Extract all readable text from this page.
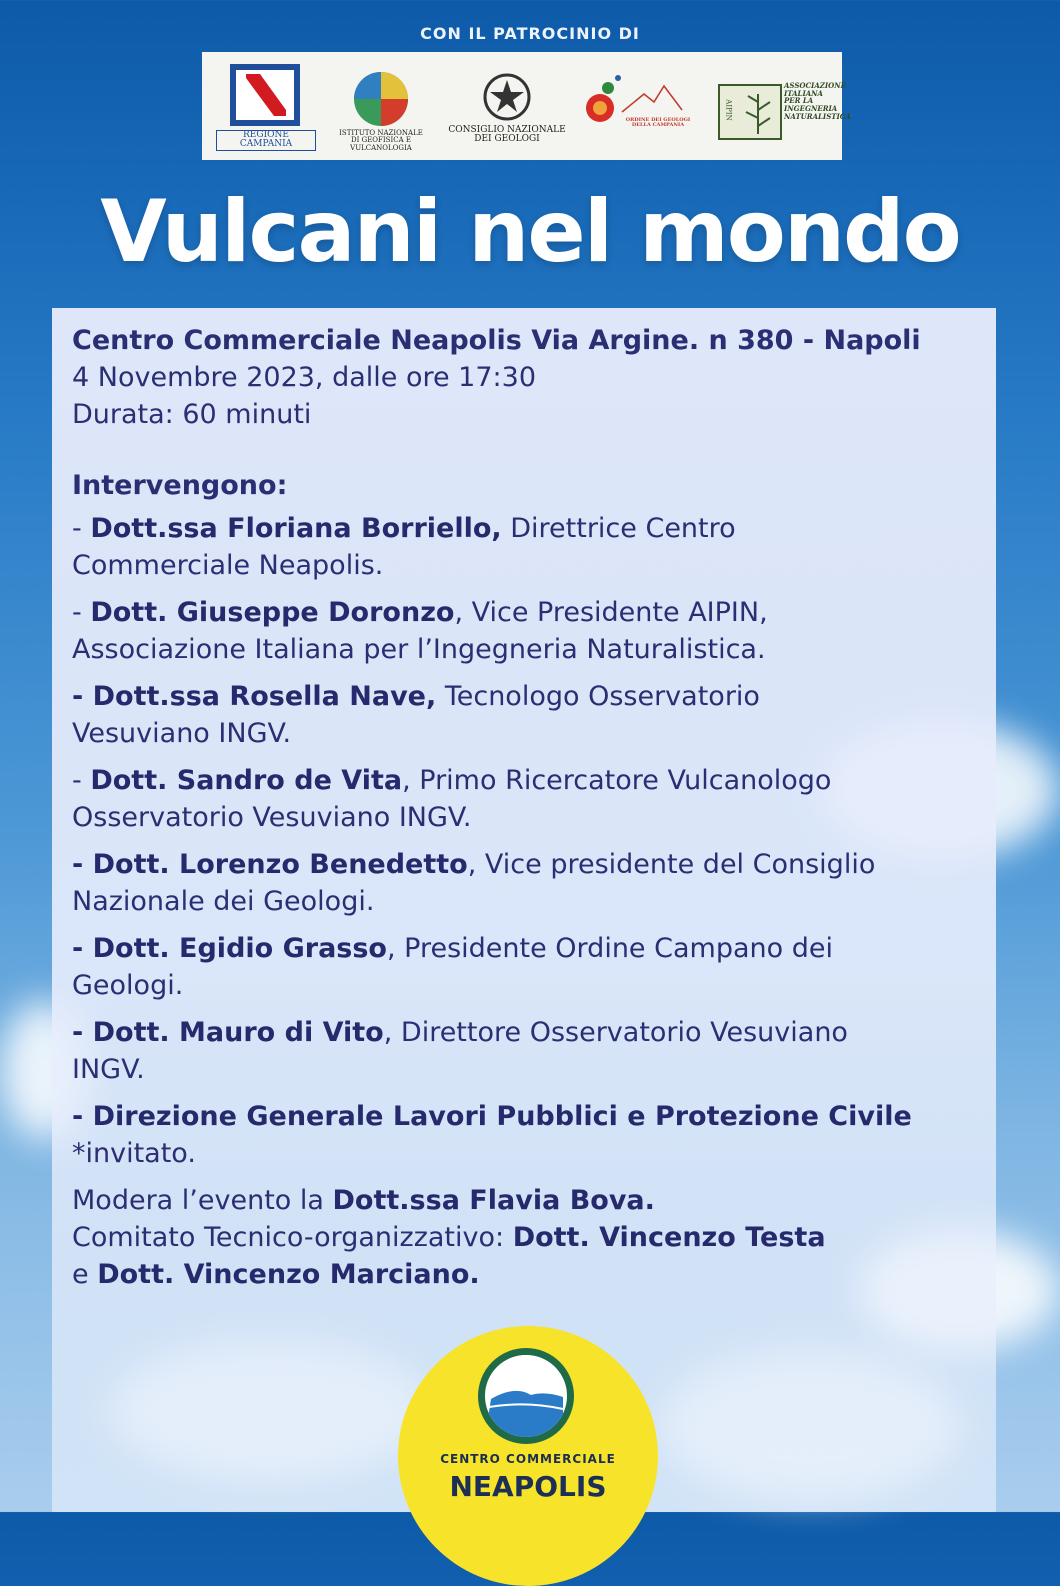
CON IL PATROCINIO DI
REGIONE CAMPANIA
ISTITUTO NAZIONALE
DI GEOFISICA E VULCANOLOGIA
CONSIGLIO NAZIONALE
DEI GEOLOGI
ORDINE DEI GEOLOGI
DELLA CAMPANIA
AIPIN
ASSOCIAZIONE
ITALIANA
PER LA
INGEGNERIA
NATURALISTICA
Vulcani nel mondo
Centro Commerciale Neapolis Via Argine. n 380 - Napoli
4 Novembre 2023, dalle ore 17:30
Durata: 60 minuti
Intervengono:
- Dott.ssa Floriana Borriello, Direttrice Centro
Commerciale Neapolis.
- Dott. Giuseppe Doronzo, Vice Presidente AIPIN,
Associazione Italiana per l’Ingegneria Naturalistica.
- Dott.ssa Rosella Nave, Tecnologo Osservatorio
Vesuviano INGV.
- Dott. Sandro de Vita, Primo Ricercatore Vulcanologo
Osservatorio Vesuviano INGV.
- Dott. Lorenzo Benedetto, Vice presidente del Consiglio
Nazionale dei Geologi.
- Dott. Egidio Grasso, Presidente Ordine Campano dei
Geologi.
- Dott. Mauro di Vito, Direttore Osservatorio Vesuviano
INGV.
- Direzione Generale Lavori Pubblici e Protezione Civile
*invitato.
Modera l’evento la Dott.ssa Flavia Bova.
Comitato Tecnico-organizzativo: Dott. Vincenzo Testa
e Dott. Vincenzo Marciano.
CENTRO COMMERCIALE
NEAPOLIS
